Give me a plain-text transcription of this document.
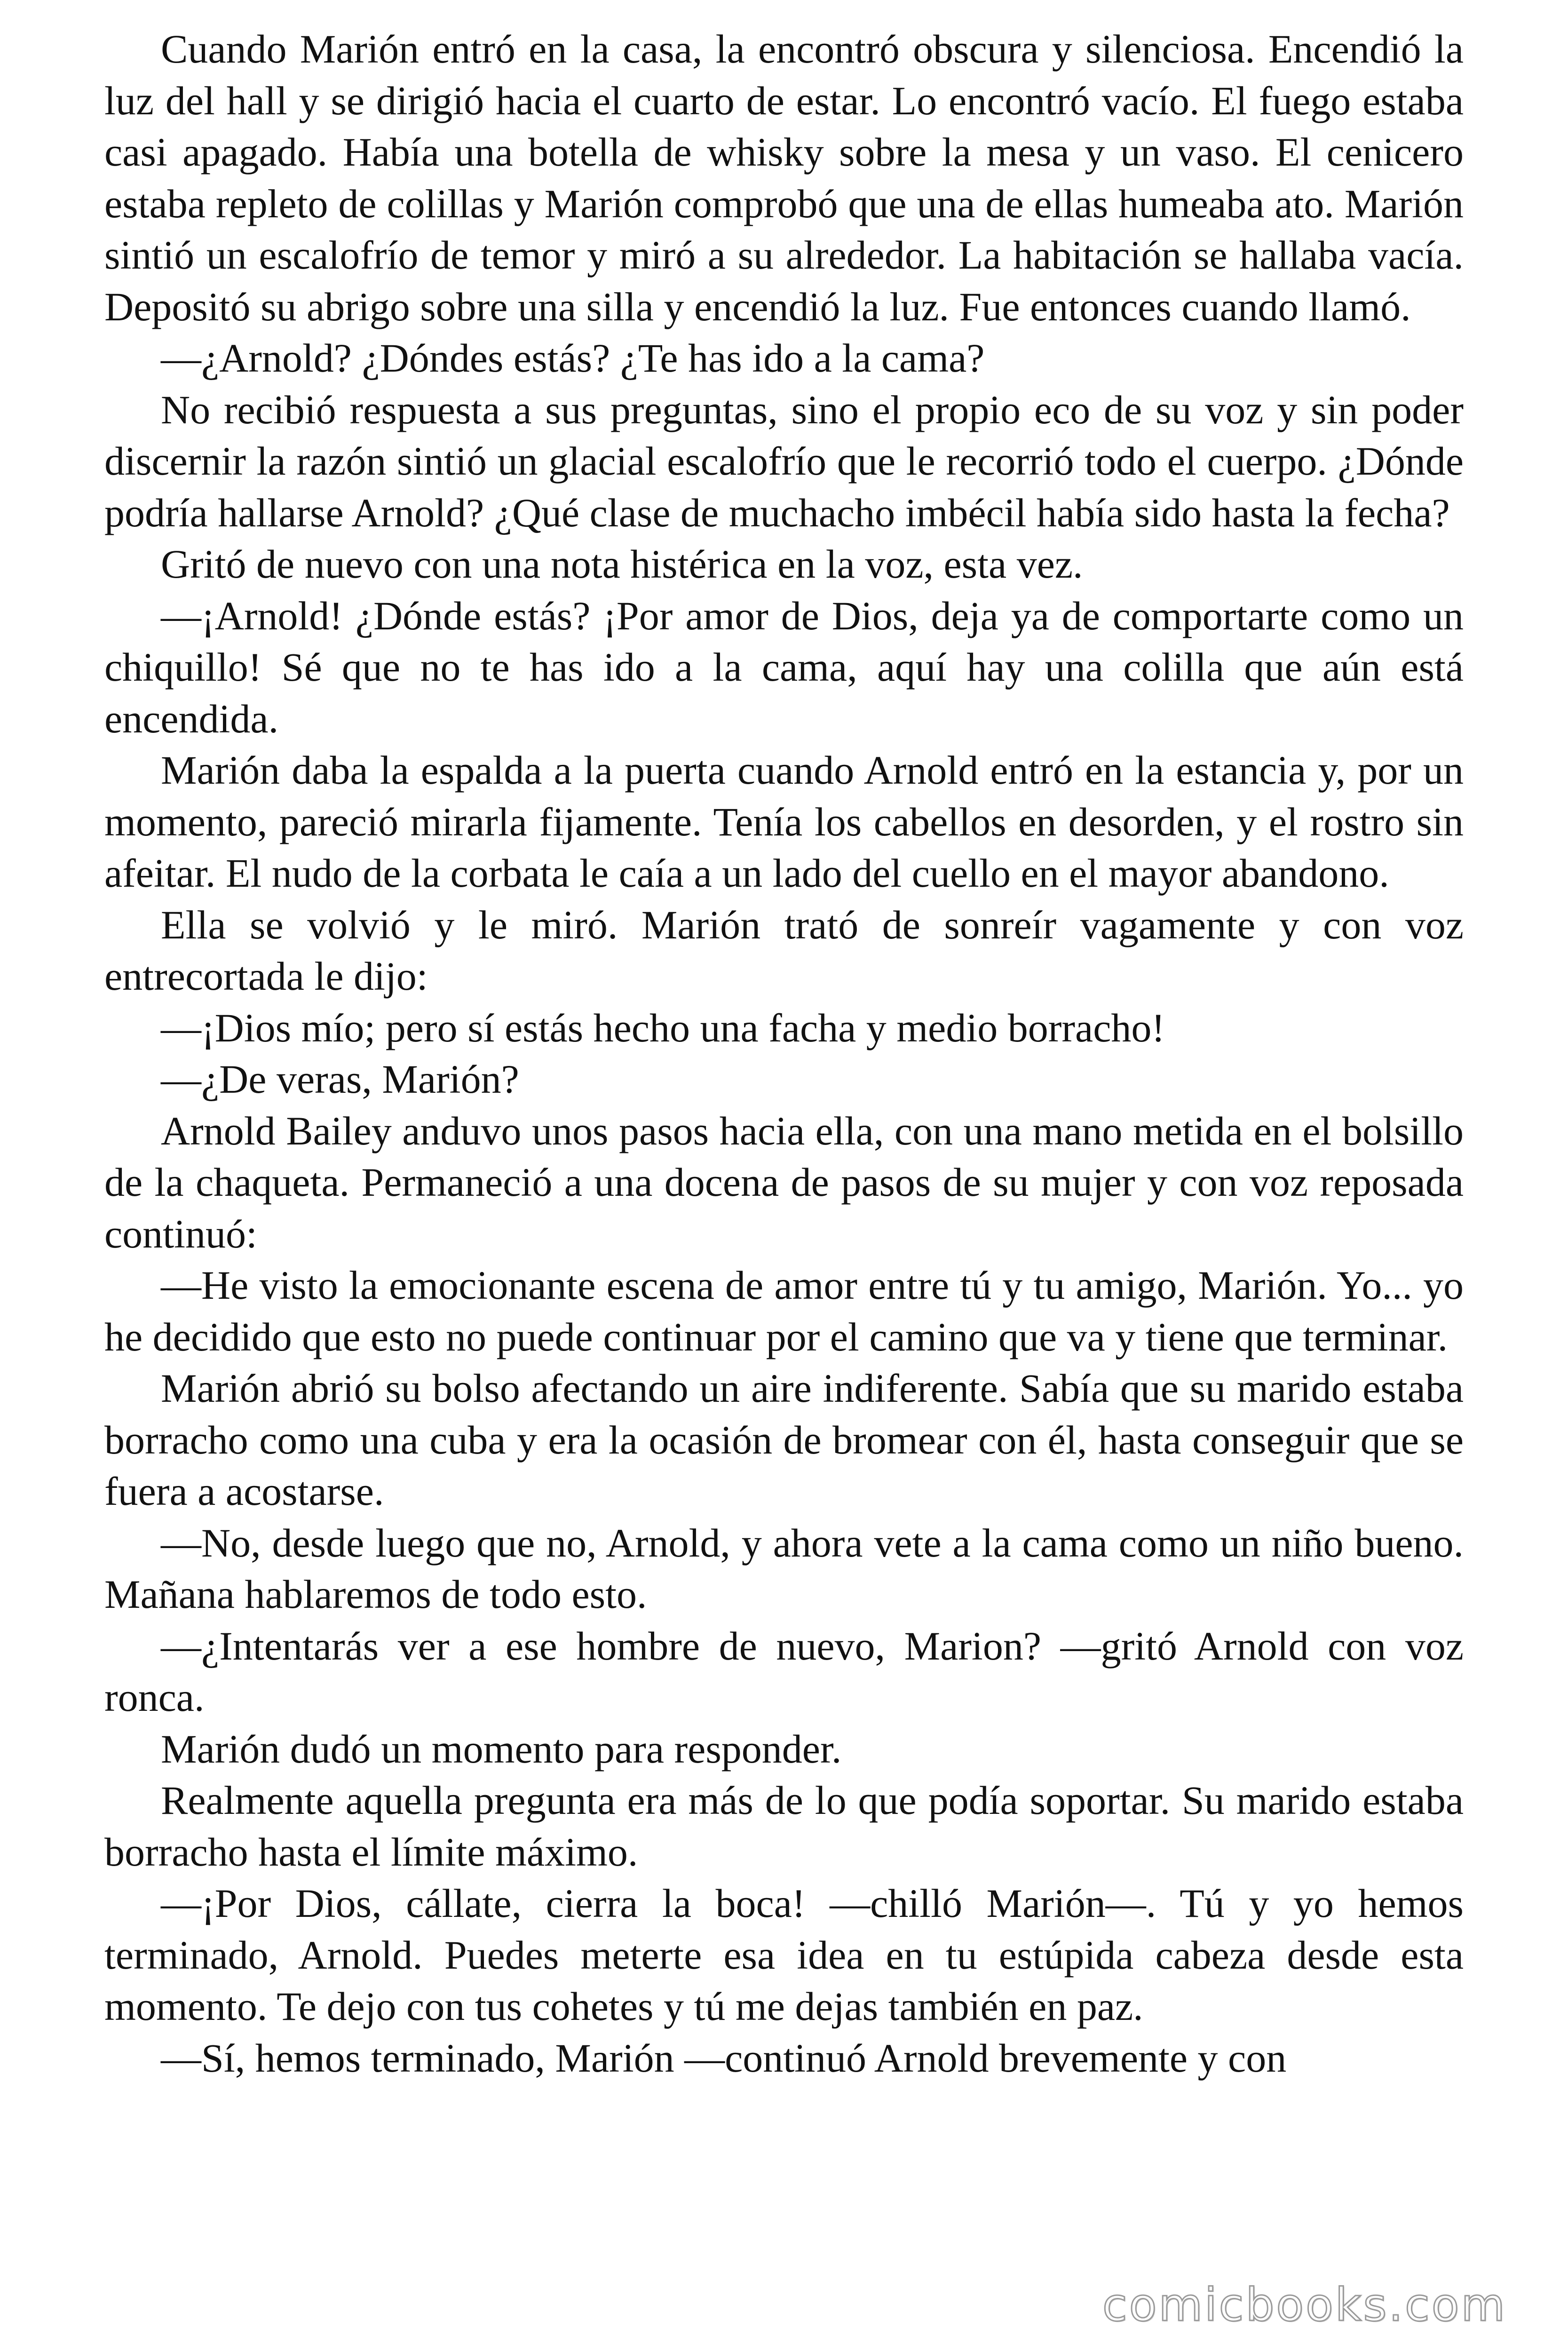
Cuando Marión entró en la casa, la encontró obscura y silenciosa. Encendió la luz del hall y se dirigió hacia el cuarto de estar. Lo encontró vacío. El fuego estaba casi apagado. Había una botella de whisky sobre la mesa y un vaso. El cenicero estaba repleto de colillas y Marión comprobó que una de ellas humeaba ato. Marión sintió un escalofrío de temor y miró a su alrededor. La habitación se hallaba vacía. Depositó su abrigo sobre una silla y encendió la luz. Fue entonces cuando llamó.

—¿Arnold? ¿Dóndes estás? ¿Te has ido a la cama?

No recibió respuesta a sus preguntas, sino el propio eco de su voz y sin poder discernir la razón sintió un glacial escalofrío que le recorrió todo el cuerpo. ¿Dónde podría hallarse Arnold? ¿Qué clase de muchacho imbécil había sido hasta la fecha?

Gritó de nuevo con una nota histérica en la voz, esta vez.

—¡Arnold! ¿Dónde estás? ¡Por amor de Dios, deja ya de comportarte como un chiquillo! Sé que no te has ido a la cama, aquí hay una colilla que aún está encendida.

Marión daba la espalda a la puerta cuando Arnold entró en la estancia y, por un momento, pareció mirarla fijamente. Tenía los cabellos en desorden, y el rostro sin afeitar. El nudo de la corbata le caía a un lado del cuello en el mayor abandono.

Ella se volvió y le miró. Marión trató de sonreír vagamente y con voz entrecortada le dijo:

—¡Dios mío; pero sí estás hecho una facha y medio borracho!

—¿De veras, Marión?

Arnold Bailey anduvo unos pasos hacia ella, con una mano metida en el bolsillo de la chaqueta. Permaneció a una docena de pasos de su mujer y con voz reposada continuó:

—He visto la emocionante escena de amor entre tú y tu amigo, Marión. Yo... yo he decidido que esto no puede continuar por el camino que va y tiene que terminar.

Marión abrió su bolso afectando un aire indiferente. Sabía que su marido estaba borracho como una cuba y era la ocasión de bromear con él, hasta conseguir que se fuera a acostarse.

—No, desde luego que no, Arnold, y ahora vete a la cama como un niño bueno. Mañana hablaremos de todo esto.

—¿Intentarás ver a ese hombre de nuevo, Marion? —gritó Arnold con voz ronca.

Marión dudó un momento para responder.

Realmente aquella pregunta era más de lo que podía soportar. Su marido estaba borracho hasta el límite máximo.

—¡Por Dios, cállate, cierra la boca! —chilló Marión—. Tú y yo hemos terminado, Arnold. Puedes meterte esa idea en tu estúpida cabeza desde esta momento. Te dejo con tus cohetes y tú me dejas también en paz.

—Sí, hemos terminado, Marión —continuó Arnold brevemente y con

comicbooks.com
